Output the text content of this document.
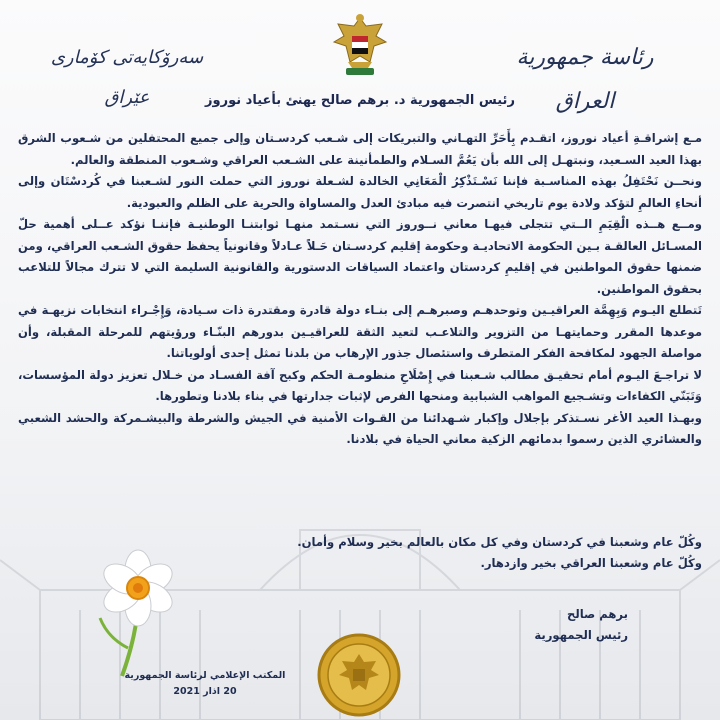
سەرۆکایەتی کۆماری عێراق
رئاسة جمهورية العراق
رئيس الجمهورية د. برهم صالح يهنئ بأعياد نوروز

مـع إشراقـةِ أعياد نوروز، اتقـدم بِأَحَرِّ التهـاني والتبريكات إلى شـعب كردسـتان وإلى جميع المحتفلين من شـعوب الشرق بهذا العيد السـعيد، ونبتهـل إلى الله بأن يَعُمَّ السـلام والطمأنينة على الشـعب العراقي وشـعوب المنطقة والعالم.

ونحــن نَحْتَفِلُ بهذه المناسـبة فإننا نَسْـتَذْكِرُ الْمَعَانِي الخالدة لشـعلة نوروز التي حملت النور لشـعبنا في كُردسْتَان وإلى أنحاءِ العالمِ لتؤكد ولادة يوم تاريخي انتصرت فيه مبادئ العدل والمساواة والحرية على الظلم والعبودية.

ومــع هــذه الْقِيَمِ الــتي تتجلى فيهـا معاني نــوروز التي نسـتمد منهـا ثوابتنـا الوطنيـة فإننـا نؤكد عــلى أهمية حلّ المسـائل العالقـة بـين الحكومة الاتحاديـة وحكومة إقليم كردسـتان حَـلاً عـادلاً وقانونياً يحفظ حقوق الشـعب العراقي، ومن ضمنها حقوق المواطنين في إقليمِ كردستان واعتماد السياقات الدستورية والقانونية السليمة التي لا تترك مجالاً للتلاعب بحقوق المواطنين.

تَتطلع اليـوم وَبِهِمَّة العراقيـين وتوحدهـم وصبرهـم إلى بنـاء دولة قادرة ومقتدرة ذات سـيادة، وَإِجْـراء انتخابات نزيهـة في موعدها المقرر وحمايتهـا من التزوير والتلاعـب لتعيد الثقة للعراقيـين بدورهم البنّـاء ورؤيتهم للمرحلة المقبلة، وأن مواصلة الجهود لمكافحة الفكر المتطرف واستئصال جذور الإرهاب من بلدنا تمثل إحدى أولوياتنا.

لا تراجـعَ اليـوم أمام تحقيـق مطالب شـعبنا في إِصْلَاحِ منظومـة الحكم وكبح آفة الفسـاد من خـلال تعزيز دولة المؤسسات، وَتَبَنّي الكفاءات وتشـجيع المواهب الشبابية ومنحها الفرص لإثبات جدارتها في بناء بلادنا وتطورها.

وبهـذا العيد الأغر نسـتذكر بإجلال وإكبار شـهدائنا من القـوات الأمنية في الجيش والشرطة والبيشـمركة والحشد الشعبي والعشائري الذين رسموا بدمائهم الزكية معاني الحياة في بلادنا.

وكُلّ عام وشعبنا في كردستان وفي كل مكان بالعالم بخير وسلام وأمان.
وكُلّ عام وشعبنا العراقي بخير وازدهار.
برهم صالح
رئيس الجمهورية
المكتب الإعلامي لرئاسة الجمهورية
20 اذار 2021
